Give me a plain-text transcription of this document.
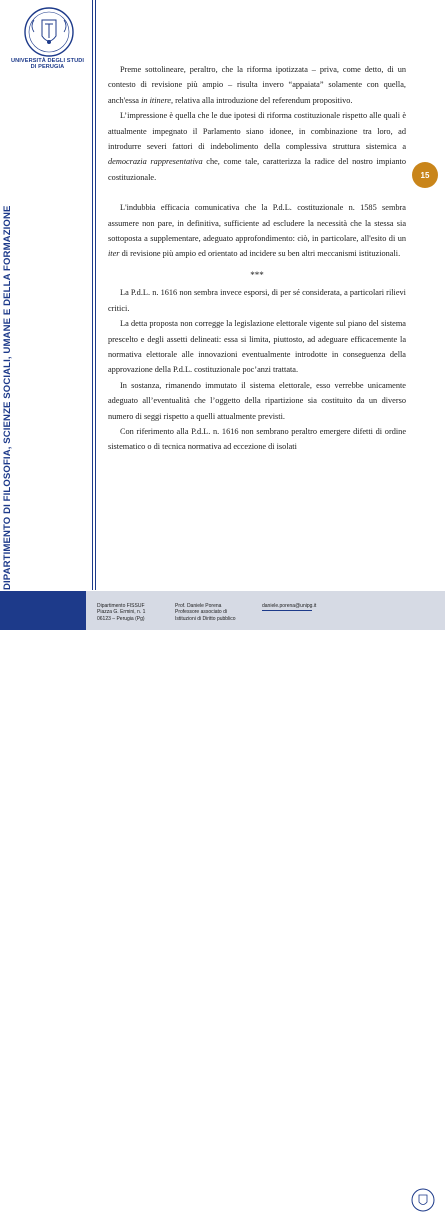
UNIVERSITÀ DEGLI STUDI
DI PERUGIA
DIPARTIMENTO DI FILOSOFIA, SCIENZE SOCIALI, UMANE E DELLA FORMAZIONE
15

Preme sottolineare, peraltro, che la riforma ipotizzata – priva, come detto, di un contesto di revisione più ampio – risulta invero “appaiata” solamente con quella, anch'essa in itinere, relativa alla introduzione del referendum propositivo.

L’impressione è quella che le due ipotesi di riforma costituzionale rispetto alle quali è attualmente impegnato il Parlamento siano idonee, in combinazione tra loro, ad introdurre severi fattori di indebolimento della complessiva struttura sistemica a democrazia rappresentativa che, come tale, caratterizza la radice del nostro impianto costituzionale.

L'indubbia efficacia comunicativa che la P.d.L. costituzionale n. 1585 sembra assumere non pare, in definitiva, sufficiente ad escludere la necessità che la stessa sia sottoposta a supplementare, adeguato approfondimento: ciò, in particolare, all'esito di un iter di revisione più ampio ed orientato ad incidere su ben altri meccanismi istituzionali.

***

La P.d.L. n. 1616 non sembra invece esporsi, di per sé considerata, a particolari rilievi critici.

La detta proposta non corregge la legislazione elettorale vigente sul piano del sistema prescelto e degli assetti delineati: essa si limita, piuttosto, ad adeguare efficacemente la normativa elettorale alle innovazioni eventualmente introdotte in conseguenza della approvazione della P.d.L. costituzionale poc’anzi trattata.

In sostanza, rimanendo immutato il sistema elettorale, esso verrebbe unicamente adeguato all’eventualità che l’oggetto della ripartizione sia costituito da un diverso numero di seggi rispetto a quelli attualmente previsti.

Con riferimento alla P.d.L. n. 1616 non sembrano peraltro emergere difetti di ordine sistematico o di tecnica normativa ad eccezione di isolati

Dipartimento FISSUF
Piazza G. Ermini, n. 1
06123 – Perugia (Pg)
Prof. Daniele Porena
Professore associato di
Istituzioni di Diritto pubblico
daniele.porena@unipg.it
